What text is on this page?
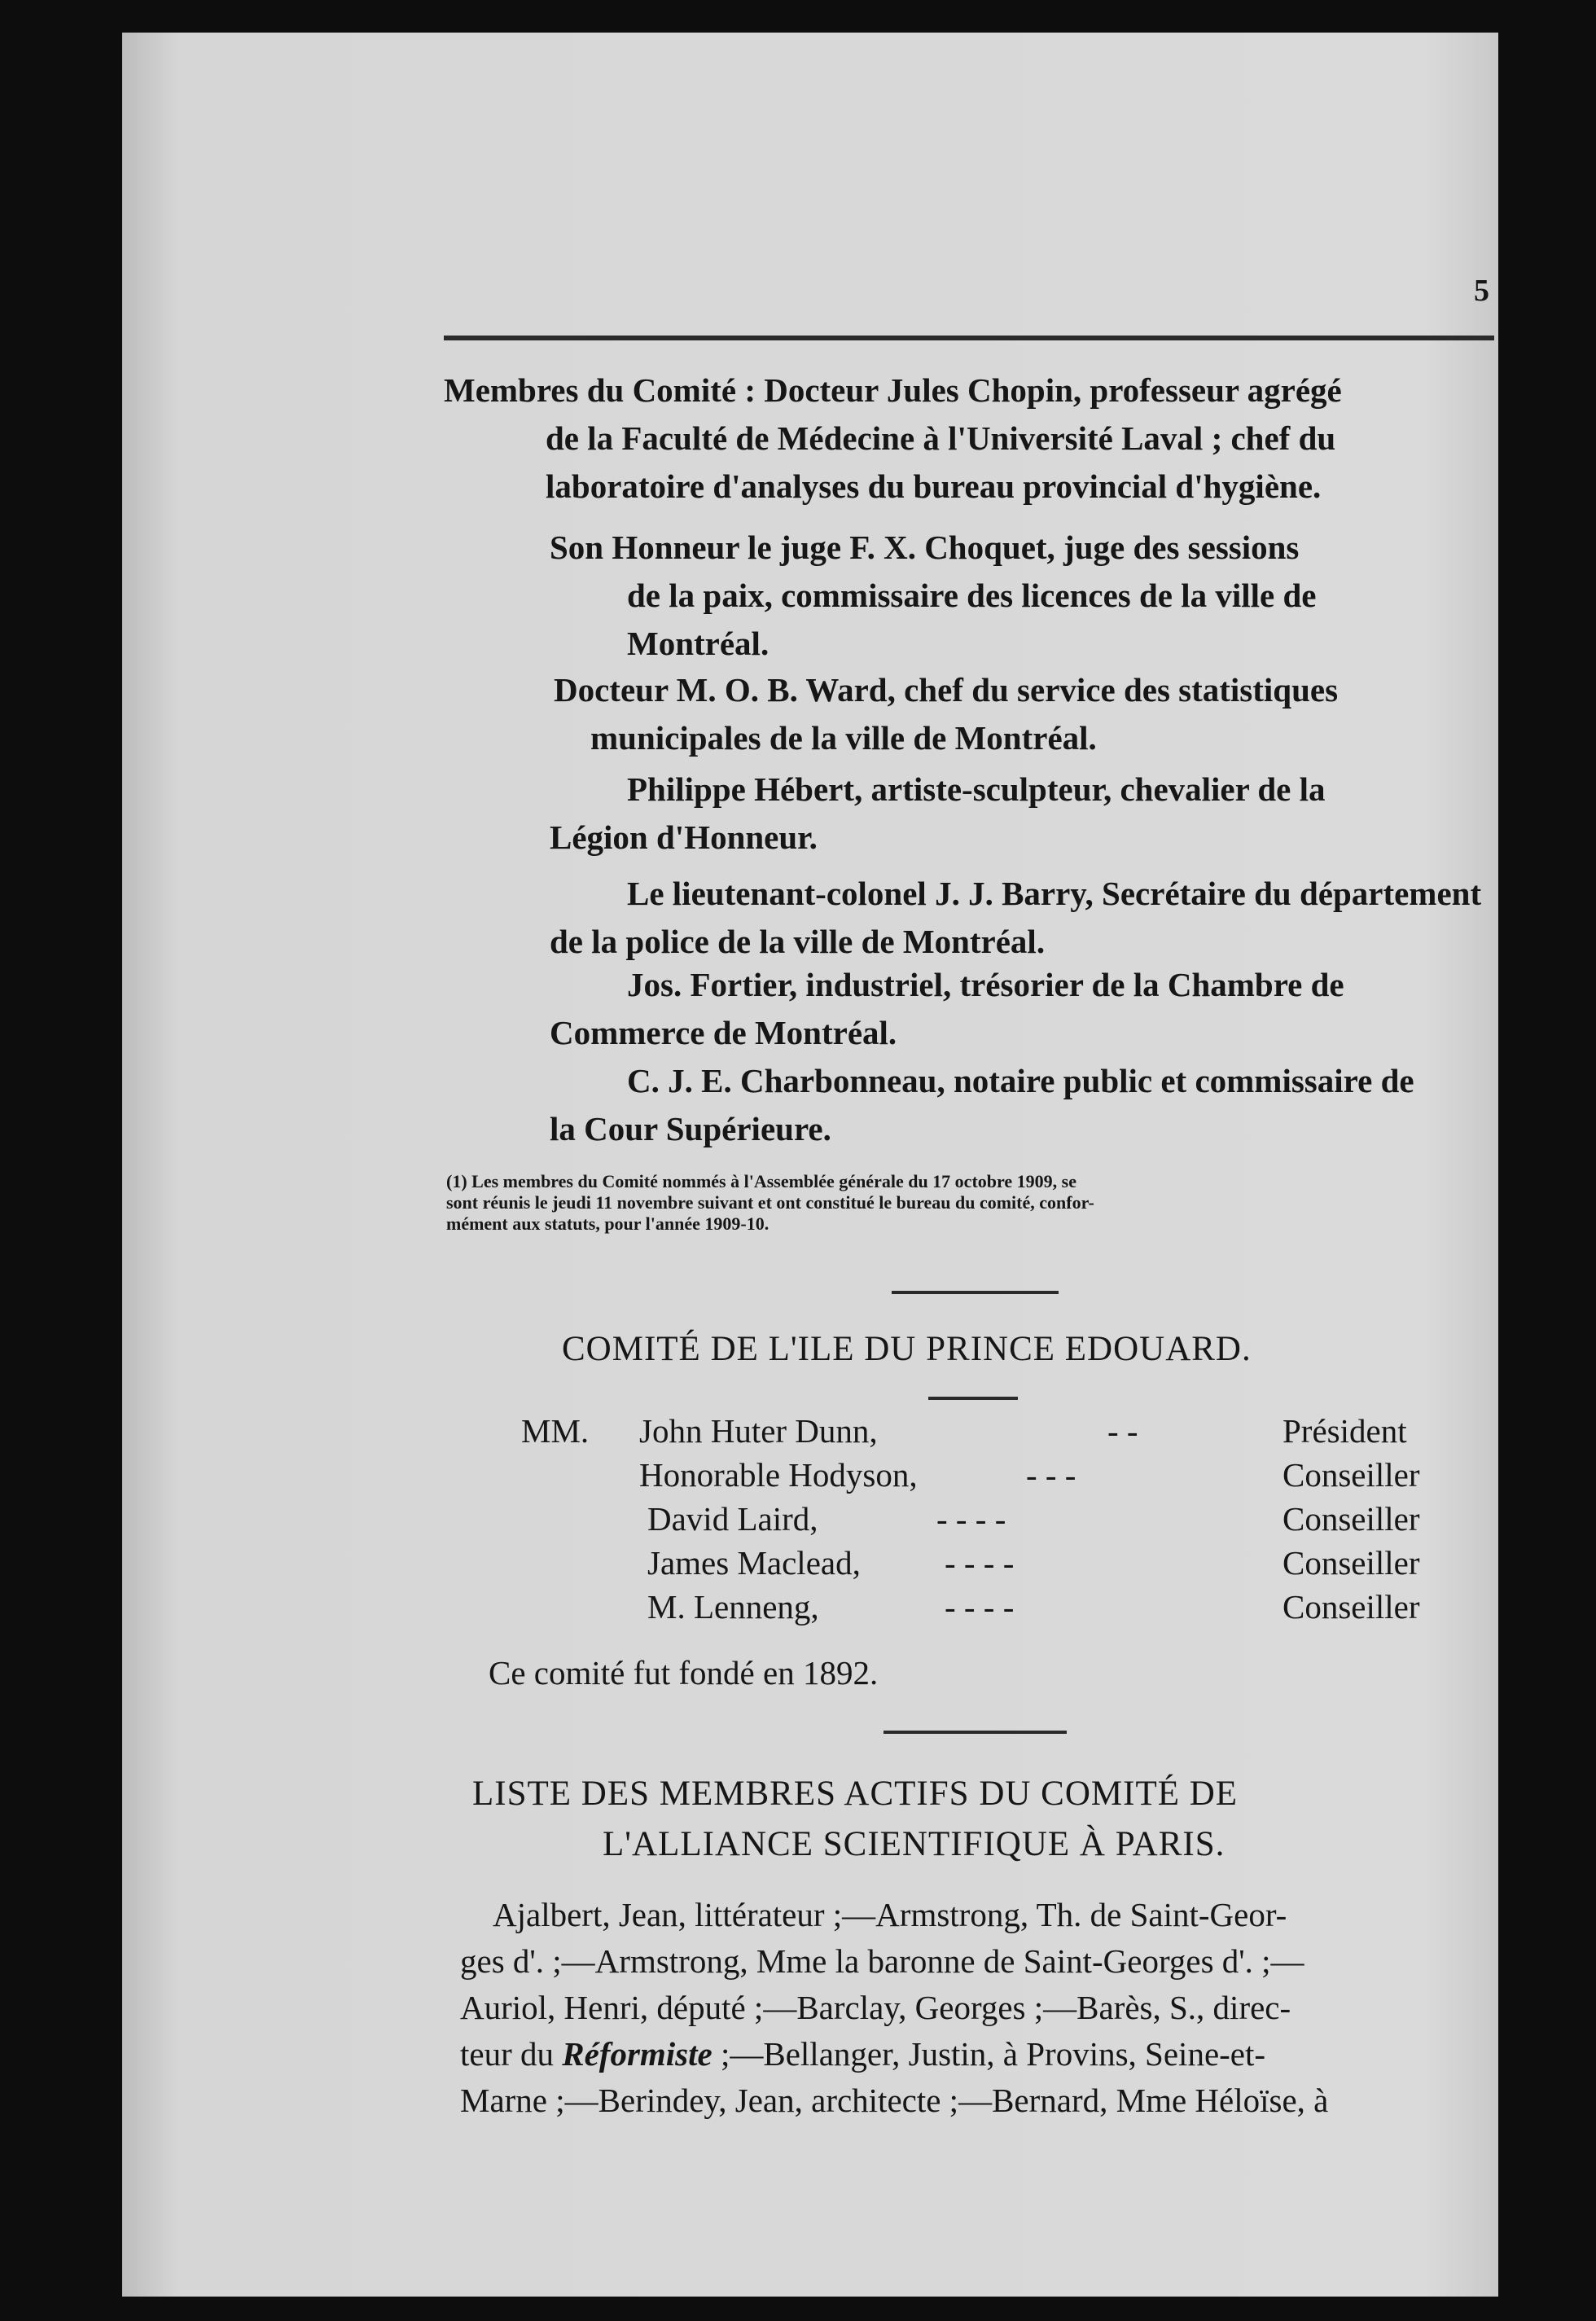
5
Membres du Comité : Docteur Jules Chopin, professeur agrégé
de la Faculté de Médecine à l'Université Laval ; chef du
laboratoire d'analyses du bureau provincial d'hygiène.
Son Honneur le juge F. X. Choquet, juge des sessions
de la paix, commissaire des licences de la ville de
Montréal.
Docteur M. O. B. Ward, chef du service des statistiques
municipales de la ville de Montréal.
Philippe Hébert, artiste-sculpteur, chevalier de la
Légion d'Honneur.
Le lieutenant-colonel J. J. Barry, Secrétaire du département
de la police de la ville de Montréal.
Jos. Fortier, industriel, trésorier de la Chambre de
Commerce de Montréal.
C. J. E. Charbonneau, notaire public et commissaire de
la Cour Supérieure.
(1) Les membres du Comité nommés à l'Assemblée générale du 17 octobre 1909, se
sont réunis le jeudi 11 novembre suivant et ont constitué le bureau du comité, confor-
mément aux statuts, pour l'année 1909-10.
COMITÉ DE L'ILE DU PRINCE EDOUARD.
MM. John Huter Dunn,	- -	Président
Honorable Hodyson,	- - -	Conseiller
David Laird,	- - - -	Conseiller
James Maclead,	- - - -	Conseiller
M. Lenneng,	- - - -	Conseiller
Ce comité fut fondé en 1892.
LISTE DES MEMBRES ACTIFS DU COMITÉ DE
L'ALLIANCE SCIENTIFIQUE À PARIS.
Ajalbert, Jean, littérateur ;—Armstrong, Th. de Saint-Geor-
ges d'. ;—Armstrong, Mme la baronne de Saint-Georges d'. ;—
Auriol, Henri, député ;—Barclay, Georges ;—Barès, S., direc-
teur du Réformiste ;—Bellanger, Justin, à Provins, Seine-et-
Marne ;—Berindey, Jean, architecte ;—Bernard, Mme Héloïse, à
